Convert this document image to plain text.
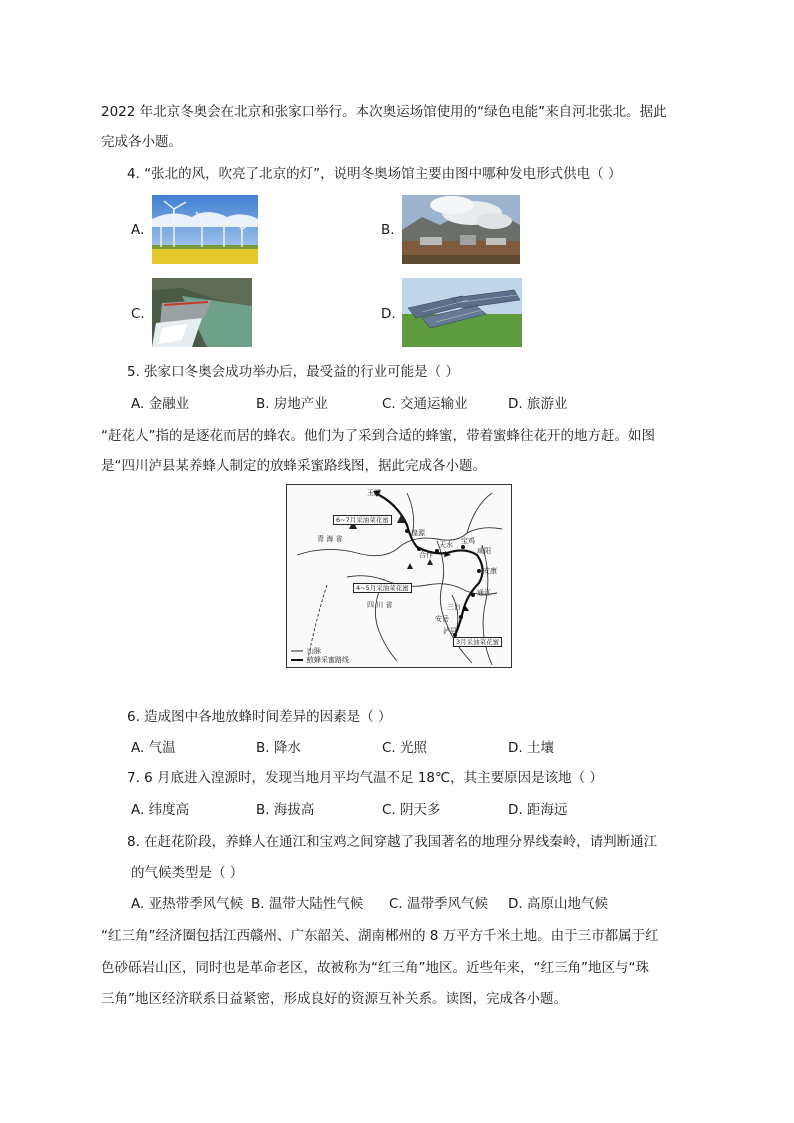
2022 年北京冬奥会在北京和张家口举行。本次奥运场馆使用的“绿色电能”来自河北张北。据此
完成各小题。
4. “张北的风，吹亮了北京的灯”，说明冬奥场馆主要由图中哪种发电形式供电（ ）
A.	B.
C.	D.
5. 张家口冬奥会成功举办后，最受益的行业可能是（ ）
A. 金融业	B. 房地产业	C. 交通运输业	D. 旅游业
“赶花人”指的是逐花而居的蜂农。他们为了采到合适的蜂蜜，带着蜜蜂往花开的地方赶。如图
是“四川泸县某养蜂人制定的放蜂采蜜路线图，据此完成各小题。
玉门
6~7月采油菜花蜜
湟源
青 海 省
合作
天水 宝鸡
咸阳
安康
4~5月采油菜花蜜
四 川 省
通江
三台
安岳
泸县
3月采油菜花蜜
山脉
放蜂采蜜路线
6. 造成图中各地放蜂时间差异的因素是（ ）
A. 气温	B. 降水	C. 光照	D. 土壤
7. 6 月底进入湟源时，发现当地月平均气温不足 18℃，其主要原因是该地（ ）
A. 纬度高	B. 海拔高	C. 阴天多	D. 距海远
8. 在赶花阶段，养蜂人在通江和宝鸡之间穿越了我国著名的地理分界线秦岭，请判断通江
的气候类型是（ ）
A. 亚热带季风气候 B. 温带大陆性气候 C. 温带季风气候 D. 高原山地气候
“红三角”经济圈包括江西赣州、广东韶关、湖南郴州的 8 万平方千米土地。由于三市都属于红
色砂砾岩山区，同时也是革命老区，故被称为“红三角”地区。近些年来，“红三角”地区与“珠
三角”地区经济联系日益紧密，形成良好的资源互补关系。读图，完成各小题。
